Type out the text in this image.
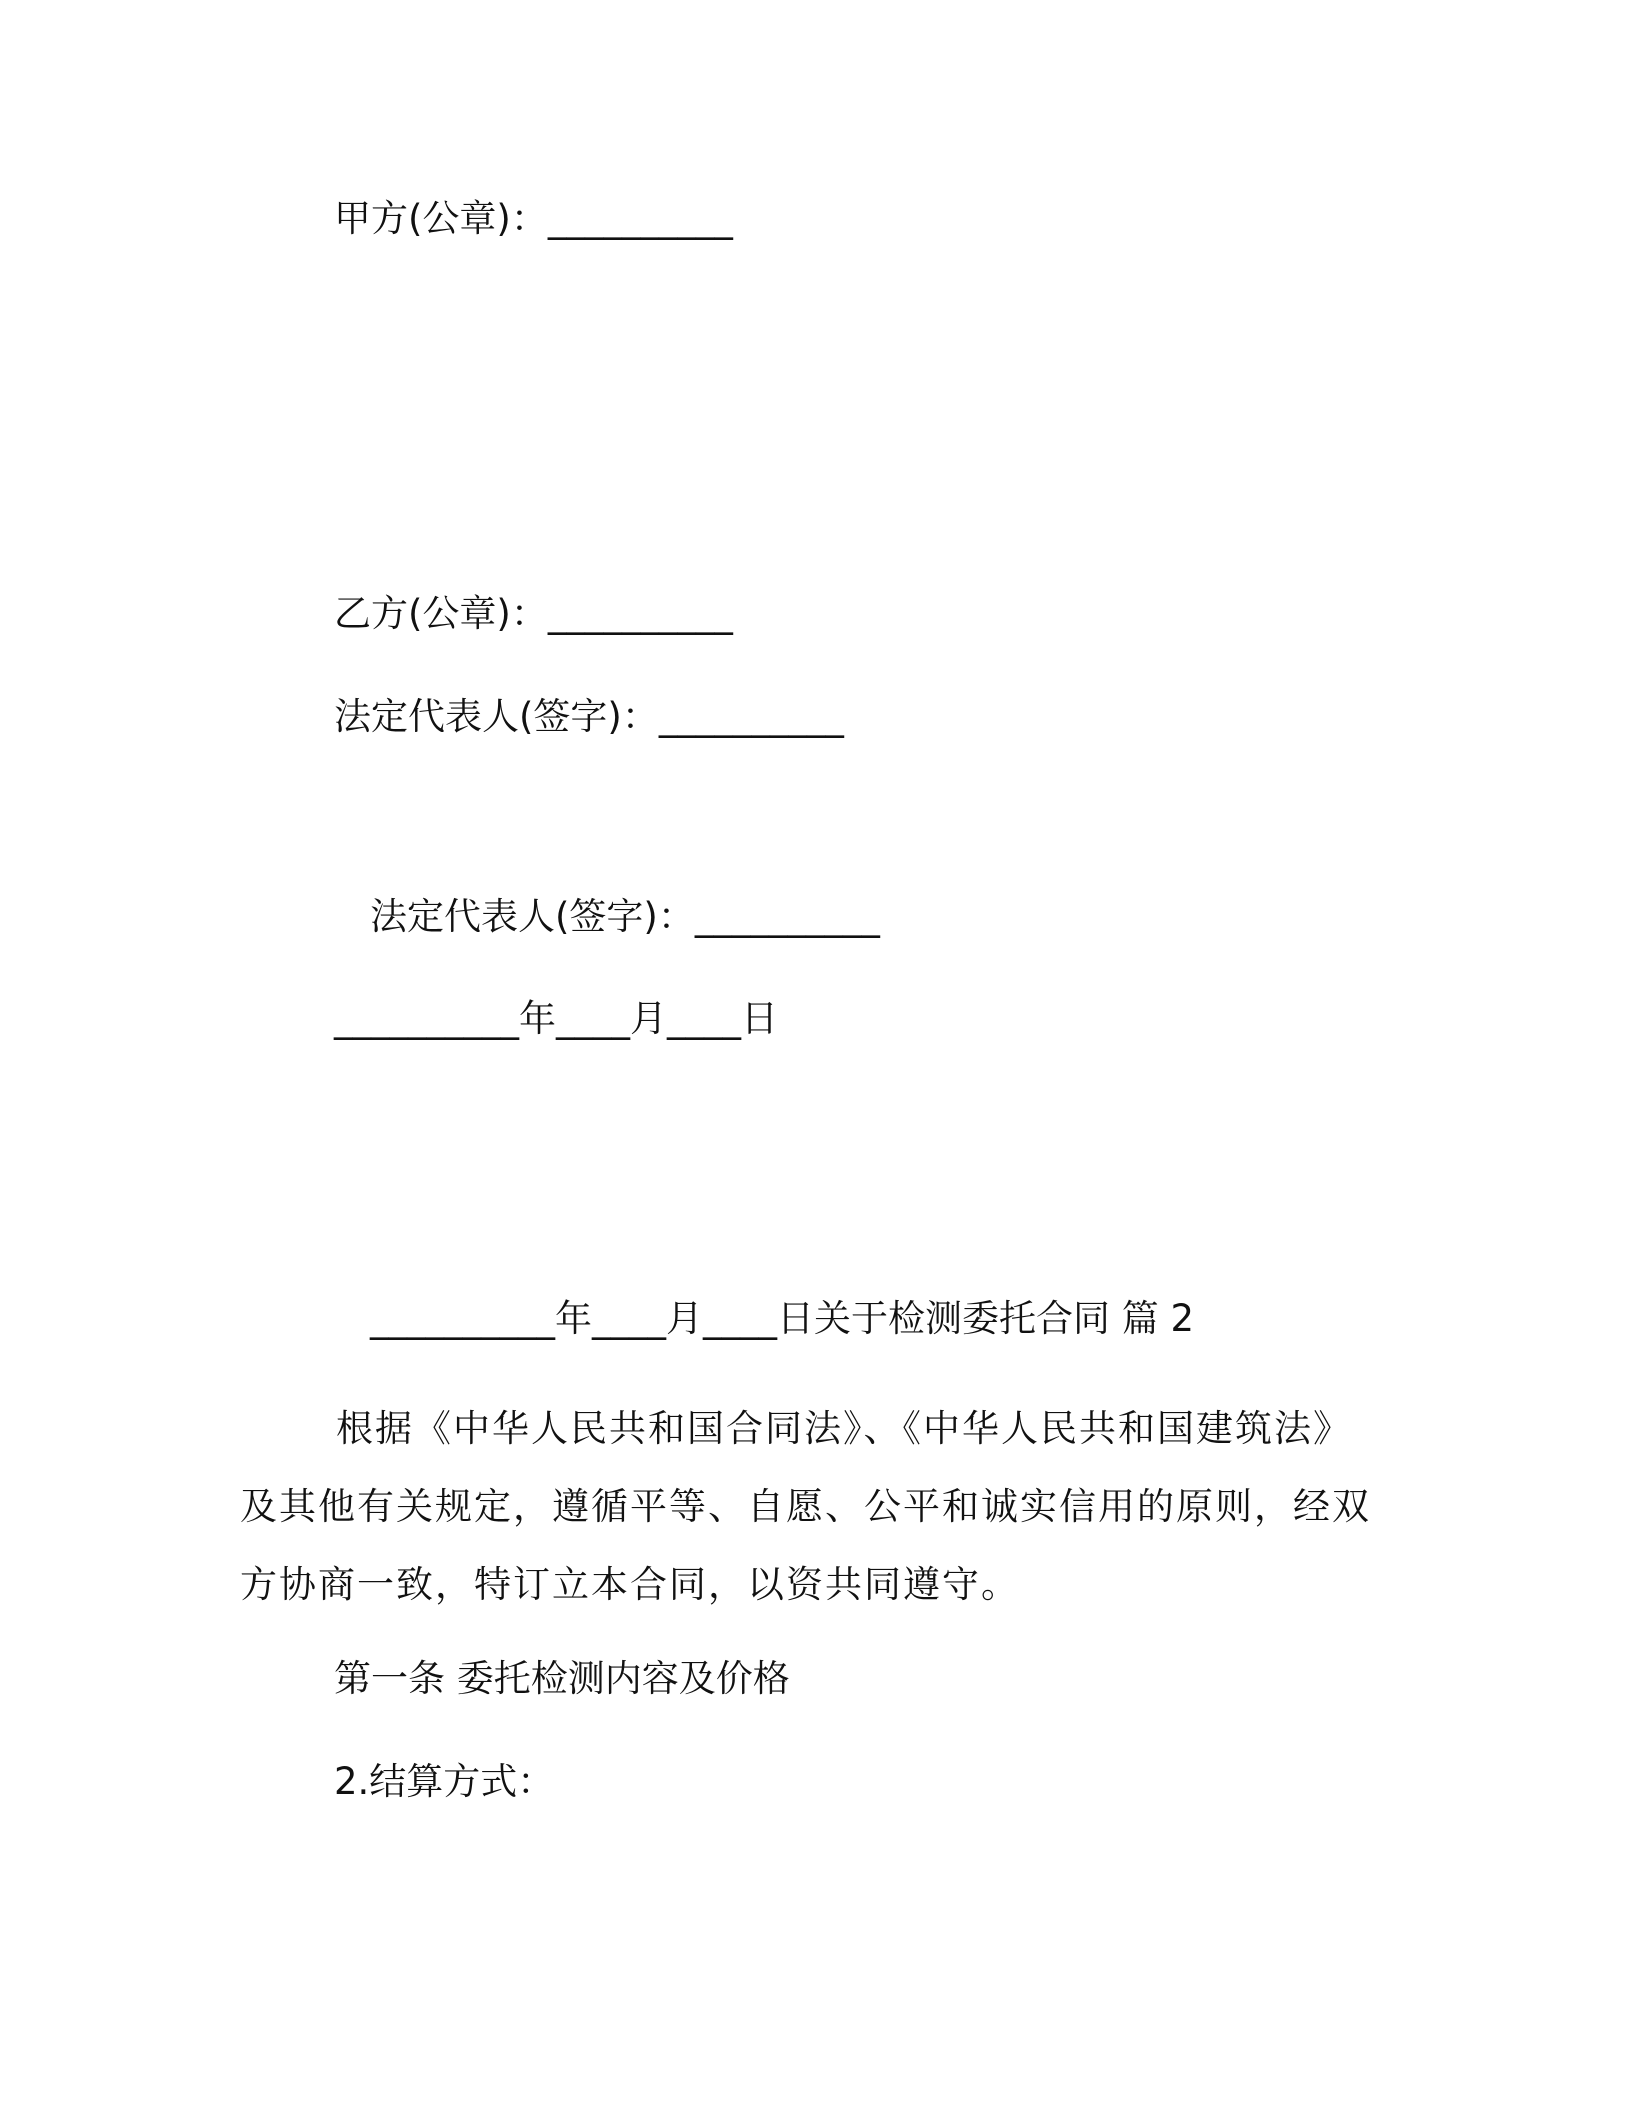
甲方(公章)：__________
乙方(公章)：__________
法定代表人(签字)：__________
法定代表人(签字)：__________
__________年____月____日
__________年____月____日关于检测委托合同 篇 2
根据《中华人民共和国合同法》、《中华人民共和国建筑法》及其他有关规定，遵循平等、自愿、公平和诚实信用的原则，经双方协商一致，特订立本合同，以资共同遵守。
第一条 委托检测内容及价格
2.结算方式：
